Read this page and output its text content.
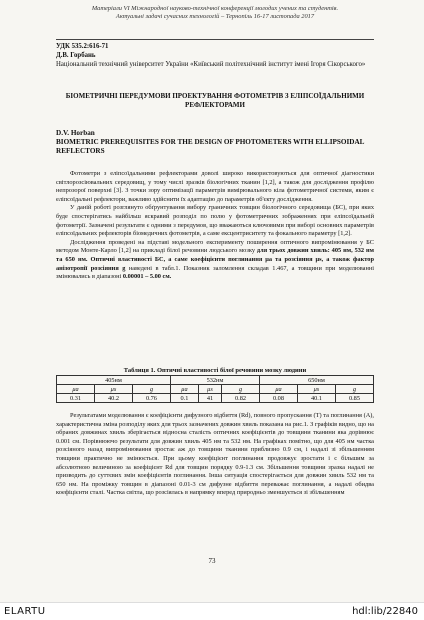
Матеріали VI Міжнародної науково-технічної конференції молодих учених та студентів.
Актуальні задачі сучасних технологій – Тернопіль 16-17 листопада 2017
УДК 535.2:616-71
Д.В. Горбань
Національний технічний університет України «Київський політехнічний інститут імені Ігоря Сікорського»
БІОМЕТРИЧНІ ПЕРЕДУМОВИ ПРОЕКТУВАННЯ ФОТОМЕТРІВ З ЕЛІПСОЇДАЛЬНИМИ РЕФЛЕКТОРАМИ
D.V. Horban
BIOMETRIC PREREQUISITES FOR THE DESIGN OF PHOTOMETERS WITH ELLIPSOIDAL REFLECTORS

Фотометри з еліпсоїдальними рефлекторами доволі широко використовуються для оптичної діагностики світлорозсіювальних середовищ, у тому числі зразків біологічних тканин [1,2], а також для дослідження профілю непрозорої поверхні [3]. З точки зору оптимізації параметрів вимірювального кіла фотометричної системи, яким є еліпсоїдальні рефлектори, важливо здійснити їх адаптацію до параметрів об'єкту дослідження.

У даній роботі розглянуто обґрунтування вибору граничних товщин біологічного середовища (БС), при яких буде спостерігатись найбільш яскравий розподіл по полю у фотометричних зображеннях при еліпсоїдальній фотометрії. Зазначені результати є одними з передумов, що вважаються ключовими при виборі основних параметрів еліпсоїдальних рефлекторів біомедичних фотометрів, а саме ексцентриситету та фокального параметру [1,2].

Дослідження проведені на підставі модельного експерименту поширення оптичного випромінювання у БС методом Монте-Карло [1,2] на прикладі білої речовини людського мозку для трьох довжин хвиль: 405 нм, 532 нм та 650 нм. Оптичні властивості БС, а саме коефіцієнти поглинання μa та розсіяння μs, а також фактор анізотропії розсіяння g наведені в табл.1. Показник заломлення складав 1.467, а товщини при моделюванні змінювались в діапазоні 0.00001 – 5.00 см.

Таблиця 1. Оптичні властивості білої речовини мозку людини
405нм			532нм			650нм		
μa	μs	g	μa	μs	g	μa	μs	g
0.31	40.2	0.76	0.1	41	0.82	0.08	40.1	0.85

Результатами моделювання є коефіцієнти дифузного відбиття (Rd), повного пропускання (T) та поглинання (A), характеристична зміна розподілу яких для трьох зазначених довжин хвиль показана на рис.1. З графіків видно, що на обраних довжинах хвиль зберігається відносна сталість оптичних коефіцієнтів до товщини тканини яка дорівнює 0.001 см. Порівнюючо результати для довжин хвиль 405 нм та 532 нм. На графіках помітно, що для 405 нм частка розсіяного назад випромінювання зростає аж до товщини тканини приблизно 0.9 см, і надалі зі збільшенням товщини практично не змінюється. При цьому коефіцієнт поглинання продовжує зростати і с більшим за абсолютною величиною за коефіцієнт Rd для товщин порядку 0.9-1.3 см. Збільшення товщини зразка надалі не призводить до суттєвих змін коефіцієнтів поглинання. Інша ситуація спостерігається для довжин хвиль 532 нм та 650 нм. На проміжку товщин в діапазоні 0.01-3 см дифузне відбиття переважає поглинання, а надалі обидва коефіцієнти сталі. Частка світла, що розсіялась в напрямку вперед природньо зменшується зі збільшенням

73
ELARTU	hdl:lib/22840
